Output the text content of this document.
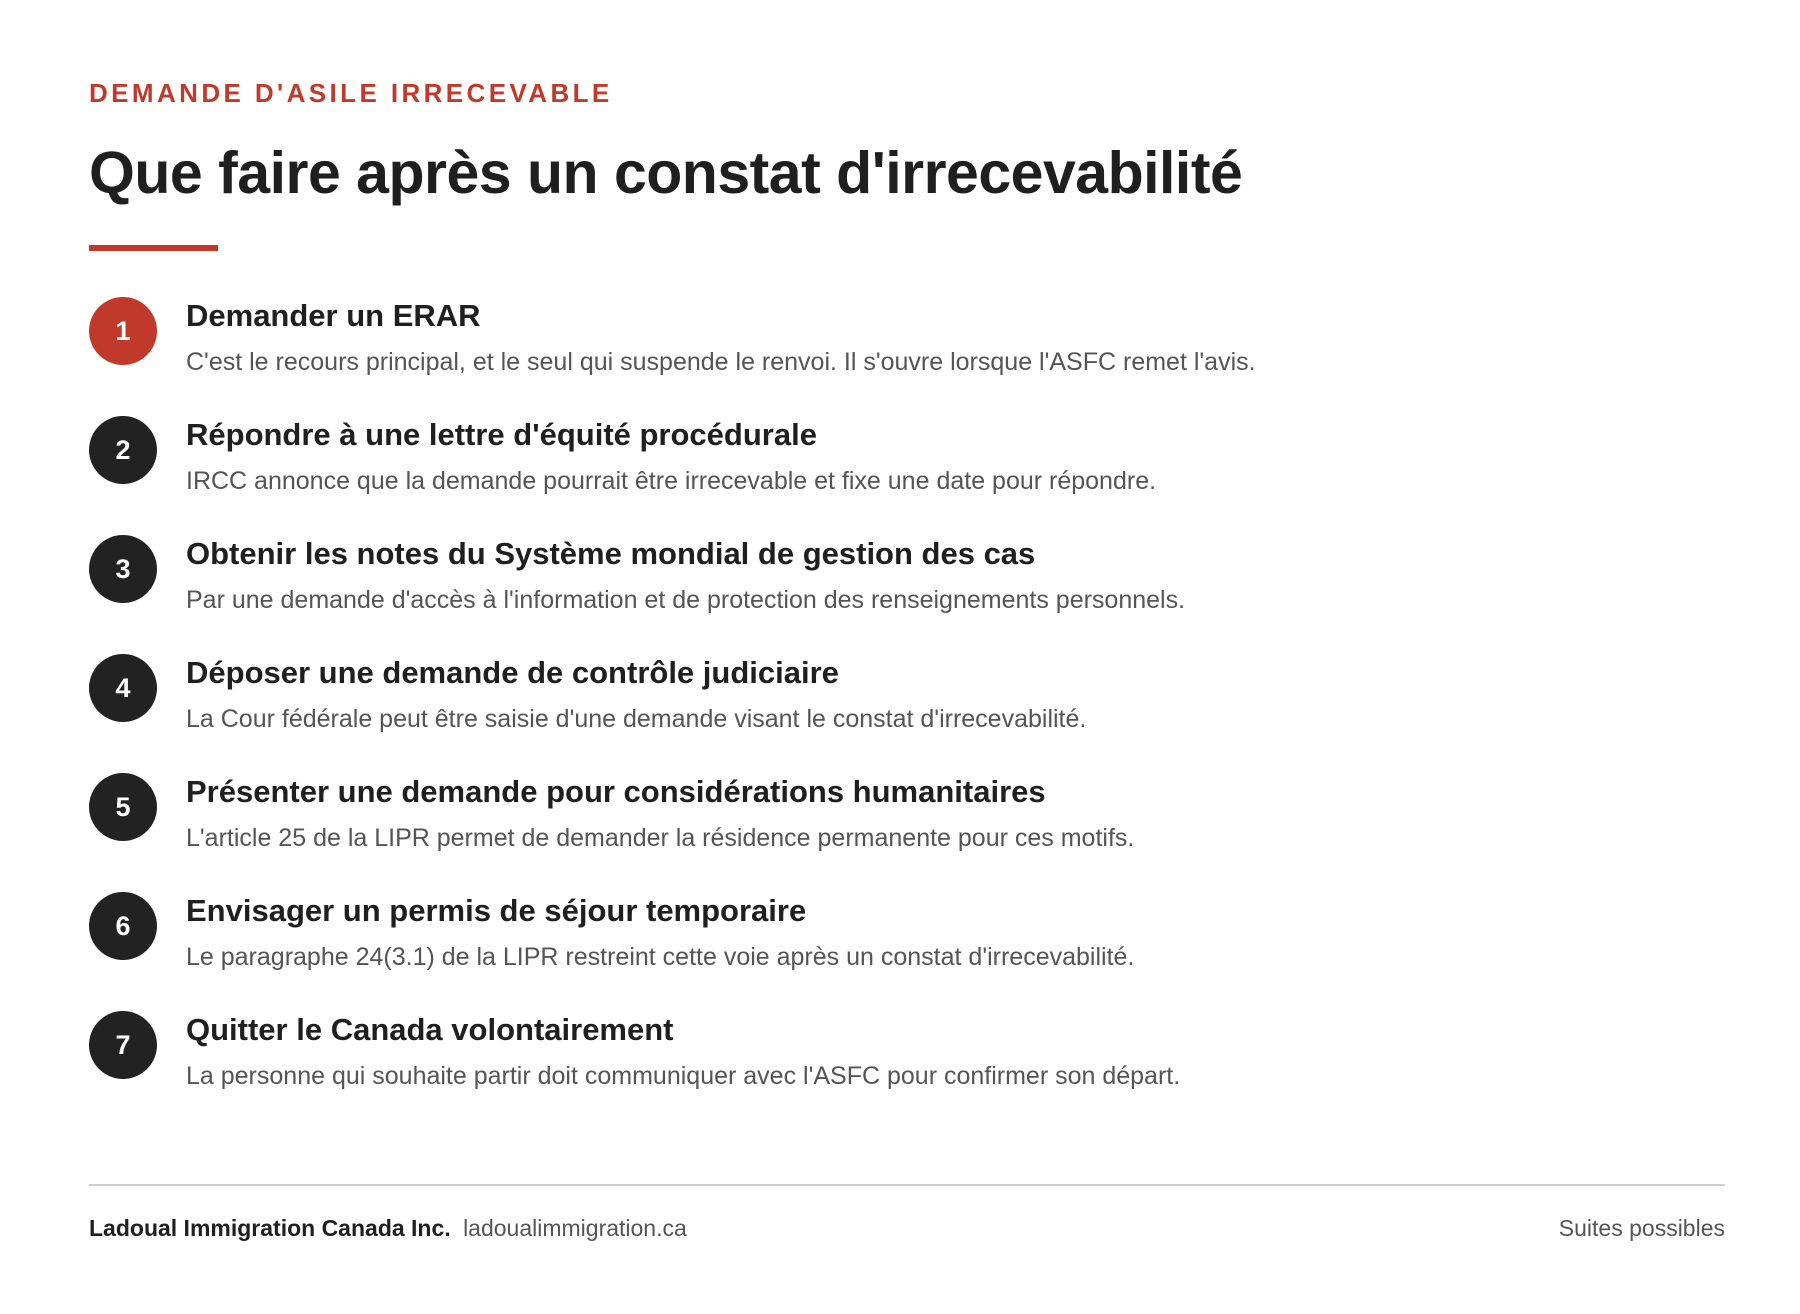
DEMANDE D'ASILE IRRECEVABLE

Que faire après un constat d'irrecevabilité
1	Demander un ERAR

C'est le recours principal, et le seul qui suspende le renvoi. Il s'ouvre lorsque l'ASFC remet l'avis.

2	Répondre à une lettre d'équité procédurale

IRCC annonce que la demande pourrait être irrecevable et fixe une date pour répondre.

3	Obtenir les notes du Système mondial de gestion des cas

Par une demande d'accès à l'information et de protection des renseignements personnels.

4	Déposer une demande de contrôle judiciaire

La Cour fédérale peut être saisie d'une demande visant le constat d'irrecevabilité.

5	Présenter une demande pour considérations humanitaires

L'article 25 de la LIPR permet de demander la résidence permanente pour ces motifs.

6	Envisager un permis de séjour temporaire

Le paragraphe 24(3.1) de la LIPR restreint cette voie après un constat d'irrecevabilité.

7	Quitter le Canada volontairement

La personne qui souhaite partir doit communiquer avec l'ASFC pour confirmer son départ.

Ladoual Immigration Canada Inc. ladoualimmigration.ca	Suites possibles
